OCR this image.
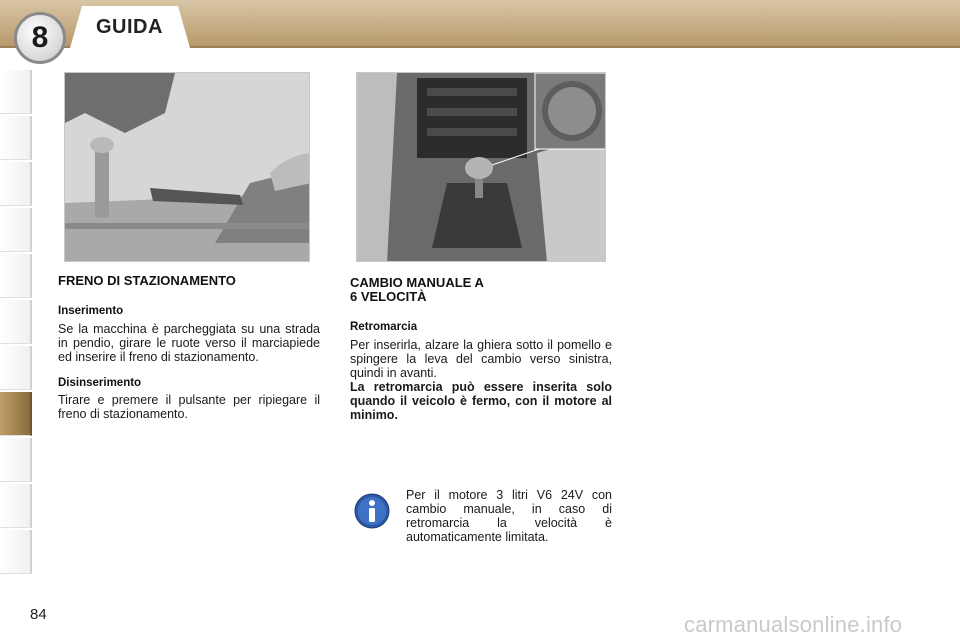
8 GUIDA
FRENO DI STAZIONAMENTO
Inserimento
Se la macchina è parcheggiata su una strada in pendio, girare le ruote verso il marciapiede ed inserire il freno di stazionamento.
Disinserimento
Tirare e premere il pulsante per ripiegare il freno di stazionamento.
CAMBIO MANUALE A
6 VELOCITÀ
Retromarcia
Per inserirla, alzare la ghiera sotto il pomello e spingere la leva del cambio verso sinistra, quindi in avanti.
La retromarcia può essere inserita solo quando il veicolo è fermo, con il motore al minimo.
Per il motore 3 litri V6 24V con cambio manuale, in caso di retromarcia la velocità è automaticamente limitata.
84	carmanualsonline.info
